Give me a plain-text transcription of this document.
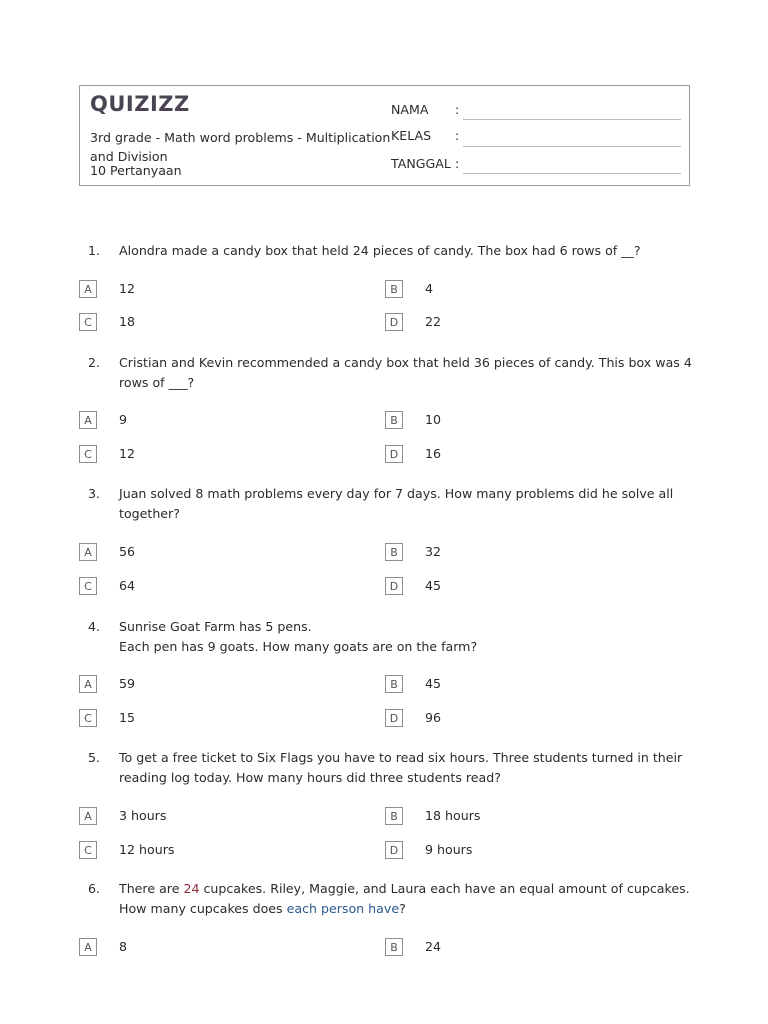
QUIZIZZ
3rd grade - Math word problems - Multiplication and Division
10 Pertanyaan
NAMA :
KELAS :
TANGGAL :
1. Alondra made a candy box that held 24 pieces of candy. The box had 6 rows of __?
A	12	B	4
C	18	D	22
2. Cristian and Kevin recommended a candy box that held 36 pieces of candy. This box was 4 rows of ___?
A	9	B	10
C	12	D	16
3. Juan solved 8 math problems every day for 7 days. How many problems did he solve all together?
A	56	B	32
C	64	D	45
4. Sunrise Goat Farm has 5 pens.
Each pen has 9 goats. How many goats are on the farm?
A	59	B	45
C	15	D	96
5. To get a free ticket to Six Flags you have to read six hours. Three students turned in their reading log today. How many hours did three students read?
A	3 hours	B	18 hours
C	12 hours	D	9 hours
6. There are 24 cupcakes. Riley, Maggie, and Laura each have an equal amount of cupcakes. How many cupcakes does each person have?
A	8	B	24
